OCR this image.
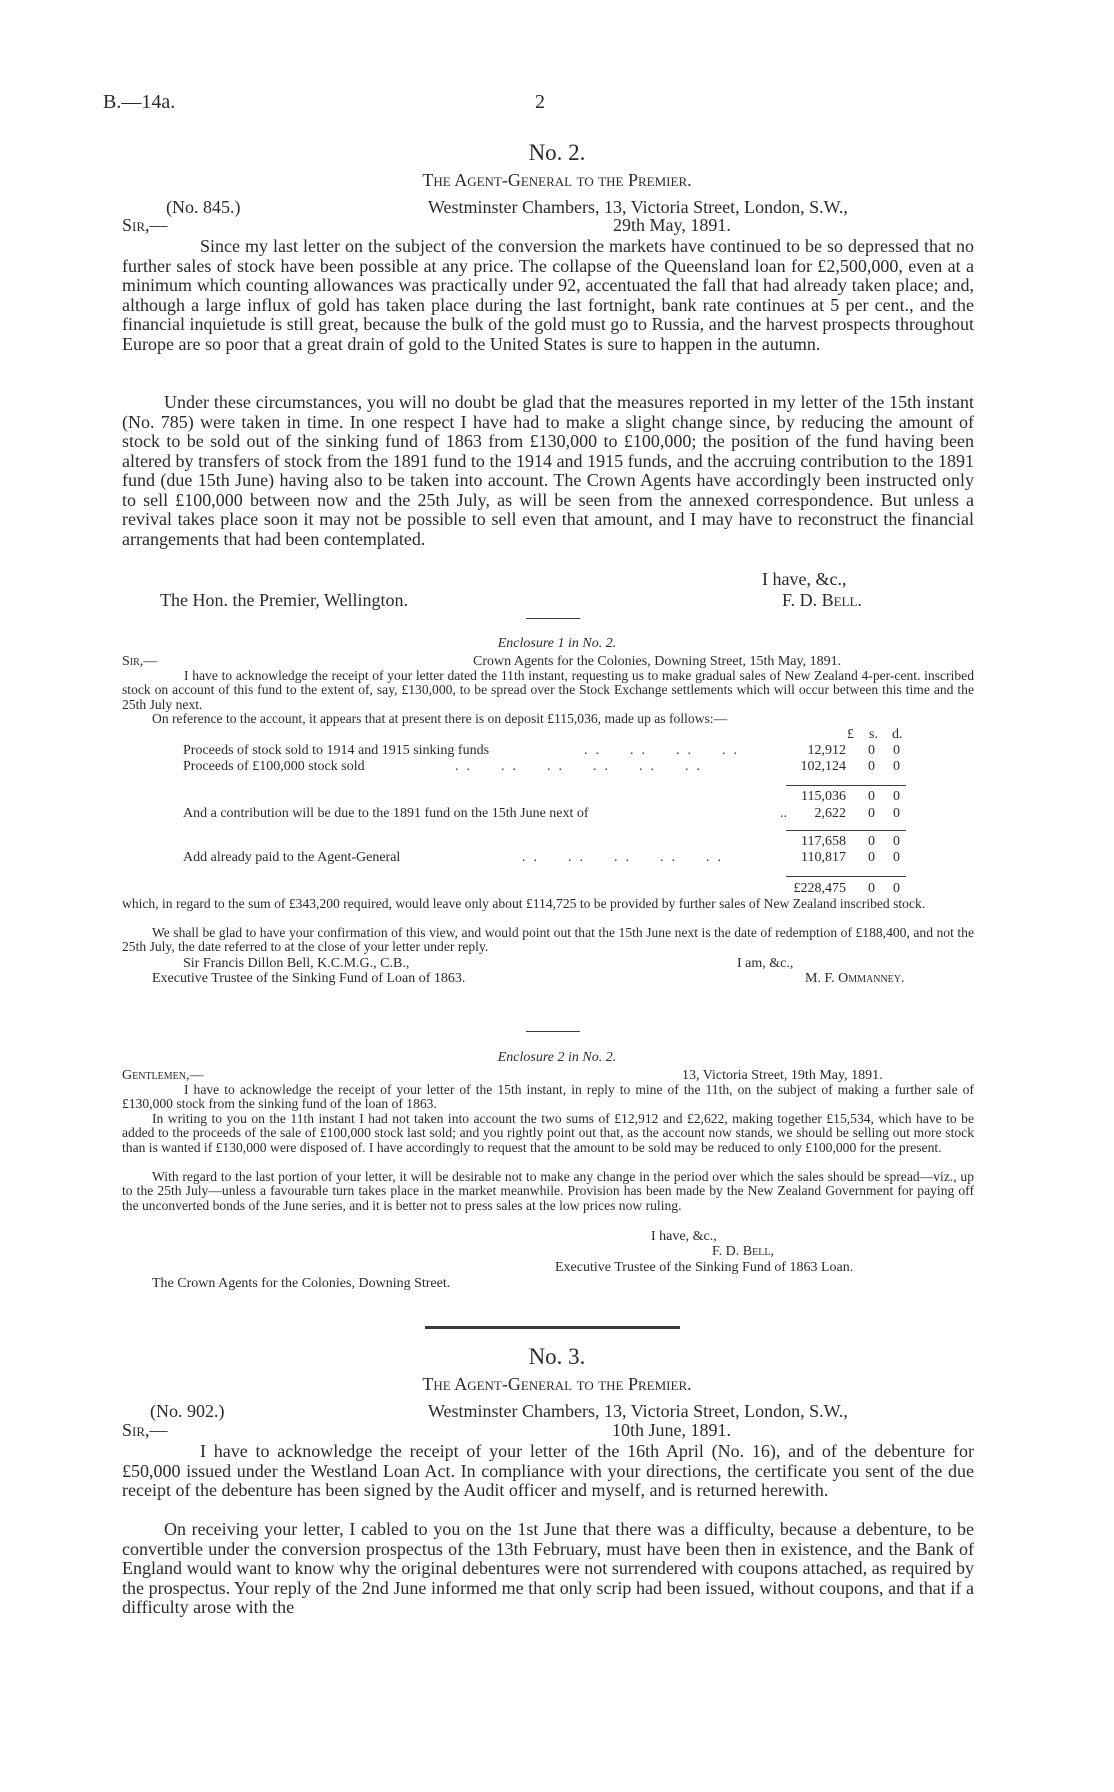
B.—14a.	2
No. 2.
The Agent-General to the Premier.
(No. 845.)	Westminster Chambers, 13, Victoria Street, London, S.W.,
Sir,—	29th May, 1891.
Since my last letter on the subject of the conversion the markets have continued to be so depressed that no further sales of stock have been possible at any price. The collapse of the Queensland loan for £2,500,000, even at a minimum which counting allowances was practically under 92, accentuated the fall that had already taken place; and, although a large influx of gold has taken place during the last fortnight, bank rate continues at 5 per cent., and the financial inquietude is still great, because the bulk of the gold must go to Russia, and the harvest prospects throughout Europe are so poor that a great drain of gold to the United States is sure to happen in the autumn.
Under these circumstances, you will no doubt be glad that the measures reported in my letter of the 15th instant (No. 785) were taken in time. In one respect I have had to make a slight change since, by reducing the amount of stock to be sold out of the sinking fund of 1863 from £130,000 to £100,000; the position of the fund having been altered by transfers of stock from the 1891 fund to the 1914 and 1915 funds, and the accruing contribution to the 1891 fund (due 15th June) having also to be taken into account. The Crown Agents have accordingly been instructed only to sell £100,000 between now and the 25th July, as will be seen from the annexed correspondence. But unless a revival takes place soon it may not be possible to sell even that amount, and I may have to reconstruct the financial arrangements that had been contemplated.
I have, &c.,
The Hon. the Premier, Wellington.	F. D. Bell.
Enclosure 1 in No. 2.
Sir,—	Crown Agents for the Colonies, Downing Street, 15th May, 1891.
I have to acknowledge the receipt of your letter dated the 11th instant, requesting us to make gradual sales of New Zealand 4-per-cent. inscribed stock on account of this fund to the extent of, say, £130,000, to be spread over the Stock Exchange settlements which will occur between this time and the 25th July next.
On reference to the account, it appears that at present there is on deposit £115,036, made up as follows:—
£ s. d.
Proceeds of stock sold to 1914 and 1915 sinking funds	..  ..  ..  ..	12,912 0 0
Proceeds of £100,000 stock sold	..  ..  ..  ..  ..  ..	102,124 0 0
115,036 0 0
And a contribution will be due to the 1891 fund on the 15th June next of	..	2,622 0 0
117,658 0 0
Add already paid to the Agent-General	..  ..  ..  ..  ..	110,817 0 0
£228,475 0 0
which, in regard to the sum of £343,200 required, would leave only about £114,725 to be provided by further sales of New Zealand inscribed stock.
We shall be glad to have your confirmation of this view, and would point out that the 15th June next is the date of redemption of £188,400, and not the 25th July, the date referred to at the close of your letter under reply.
Sir Francis Dillon Bell, K.C.M.G., C.B.,	I am, &c.,
Executive Trustee of the Sinking Fund of Loan of 1863.	M. F. Ommanney.
Enclosure 2 in No. 2.
Gentlemen,—	13, Victoria Street, 19th May, 1891.
I have to acknowledge the receipt of your letter of the 15th instant, in reply to mine of the 11th, on the subject of making a further sale of £130,000 stock from the sinking fund of the loan of 1863.
In writing to you on the 11th instant I had not taken into account the two sums of £12,912 and £2,622, making together £15,534, which have to be added to the proceeds of the sale of £100,000 stock last sold; and you rightly point out that, as the account now stands, we should be selling out more stock than is wanted if £130,000 were disposed of. I have accordingly to request that the amount to be sold may be reduced to only £100,000 for the present.
With regard to the last portion of your letter, it will be desirable not to make any change in the period over which the sales should be spread—viz., up to the 25th July—unless a favourable turn takes place in the market meanwhile. Provision has been made by the New Zealand Government for paying off the unconverted bonds of the June series, and it is better not to press sales at the low prices now ruling.
I have, &c.,
F. D. Bell,
Executive Trustee of the Sinking Fund of 1863 Loan.
The Crown Agents for the Colonies, Downing Street.
No. 3.
The Agent-General to the Premier.
(No. 902.)	Westminster Chambers, 13, Victoria Street, London, S.W.,
Sir,—	10th June, 1891.
I have to acknowledge the receipt of your letter of the 16th April (No. 16), and of the debenture for £50,000 issued under the Westland Loan Act. In compliance with your directions, the certificate you sent of the due receipt of the debenture has been signed by the Audit officer and myself, and is returned herewith.
On receiving your letter, I cabled to you on the 1st June that there was a difficulty, because a debenture, to be convertible under the conversion prospectus of the 13th February, must have been then in existence, and the Bank of England would want to know why the original debentures were not surrendered with coupons attached, as required by the prospectus. Your reply of the 2nd June informed me that only scrip had been issued, without coupons, and that if a difficulty arose with the
